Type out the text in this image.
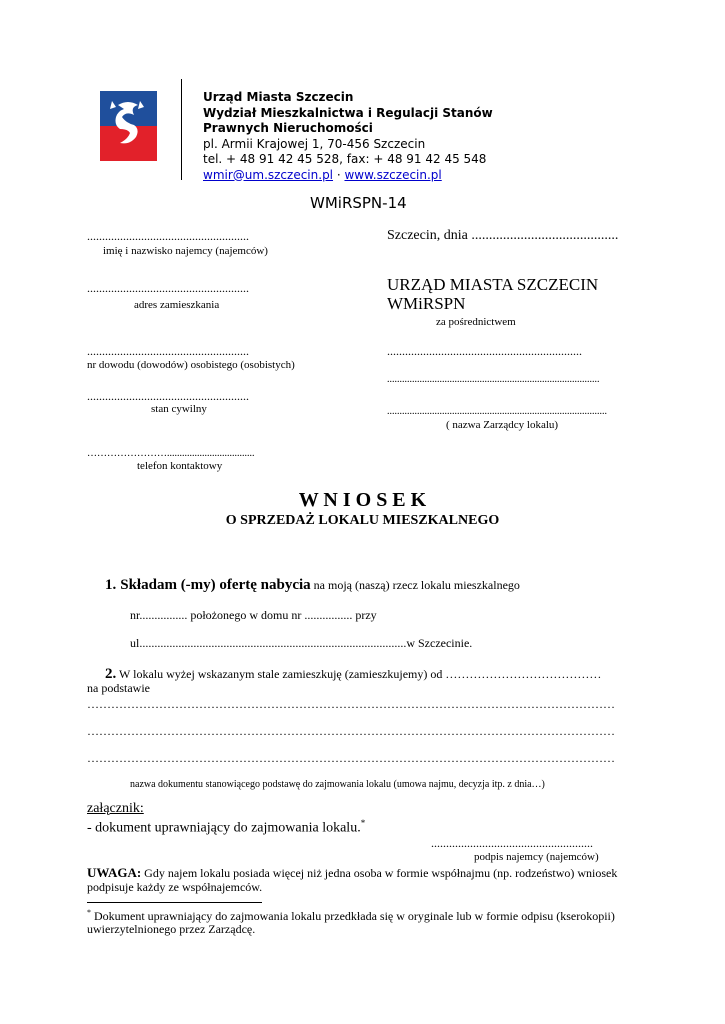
Urząd Miasta Szczecin
Wydział Mieszkalnictwa i Regulacji Stanów
Prawnych Nieruchomości
pl. Armii Krajowej 1, 70-456 Szczecin
tel. + 48 91 42 45 528, fax: + 48 91 42 45 548
wmir@um.szczecin.pl · www.szczecin.pl
WMiRSPN-14
......................................................
imię i nazwisko najemcy (najemców)
......................................................
adres zamieszkania
......................................................
nr dowodu (dowodów) osobistego (osobistych)
......................................................
stan cywilny
……………………...................................
telefon kontaktowy
Szczecin, dnia ..........................................
URZĄD MIASTA SZCZECIN
WMiRSPN
za pośrednictwem
.................................................................
.....................................................................................
........................................................................................
( nazwa Zarządcy lokalu)
W N I O S E K
O SPRZEDAŻ LOKALU MIESZKALNEGO
1. Składam (-my) ofertę nabycia na moją (naszą) rzecz lokalu mieszkalnego
nr................ położonego w domu nr ................ przy
ul.........................................................................................w Szczecinie.
2. W lokalu wyżej wskazanym stale zamieszkuję (zamieszkujemy) od …………………………………
na podstawie
……………………………………………………………………………………………………………………
……………………………………………………………………………………………………………………
……………………………………………………………………………………………………………………
nazwa dokumentu stanowiącego podstawę do zajmowania lokalu (umowa najmu, decyzja itp. z dnia…)
załącznik:
- dokument uprawniający do zajmowania lokalu.*
......................................................
podpis najemcy (najemców)
UWAGA: Gdy najem lokalu posiada więcej niż jedna osoba w formie współnajmu (np. rodzeństwo) wniosek
podpisuje każdy ze współnajemców.
* Dokument uprawniający do zajmowania lokalu przedkłada się w oryginale lub w formie odpisu (kserokopii)
uwierzytelnionego przez Zarządcę.
